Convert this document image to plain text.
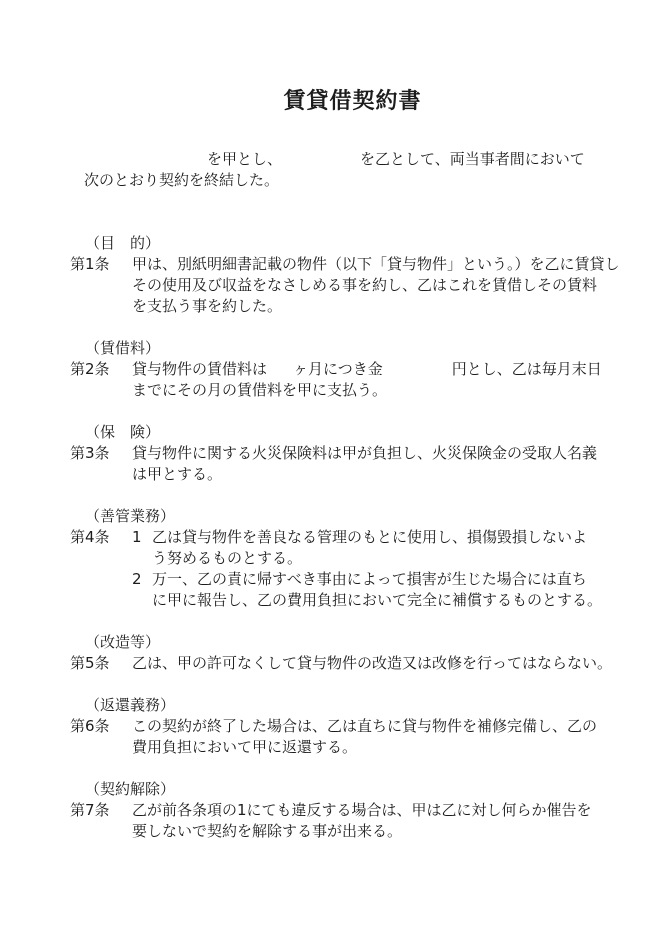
賃貸借契約書
を甲とし、	を乙として、両当事者間において
次のとおり契約を終結した。
（目　的）
第1条	甲は、別紙明細書記載の物件（以下「貸与物件」という。）を乙に賃貸し
その使用及び収益をなさしめる事を約し、乙はこれを賃借しその賃料
を支払う事を約した。
（賃借料）
第2条	貸与物件の賃借料は ヶ月につき金	円とし、乙は毎月末日
までにその月の賃借料を甲に支払う。
（保　険）
第3条	貸与物件に関する火災保険料は甲が負担し、火災保険金の受取人名義
は甲とする。
（善管業務）
第4条	1 乙は貸与物件を善良なる管理のもとに使用し、損傷毀損しないよ
う努めるものとする。
2 万一、乙の責に帰すべき事由によって損害が生じた場合には直ち
に甲に報告し、乙の費用負担において完全に補償するものとする。
（改造等）
第5条	乙は、甲の許可なくして貸与物件の改造又は改修を行ってはならない。
（返還義務）
第6条	この契約が終了した場合は、乙は直ちに貸与物件を補修完備し、乙の
費用負担において甲に返還する。
（契約解除）
第7条	乙が前各条項の1にても違反する場合は、甲は乙に対し何らか催告を
要しないで契約を解除する事が出来る。
